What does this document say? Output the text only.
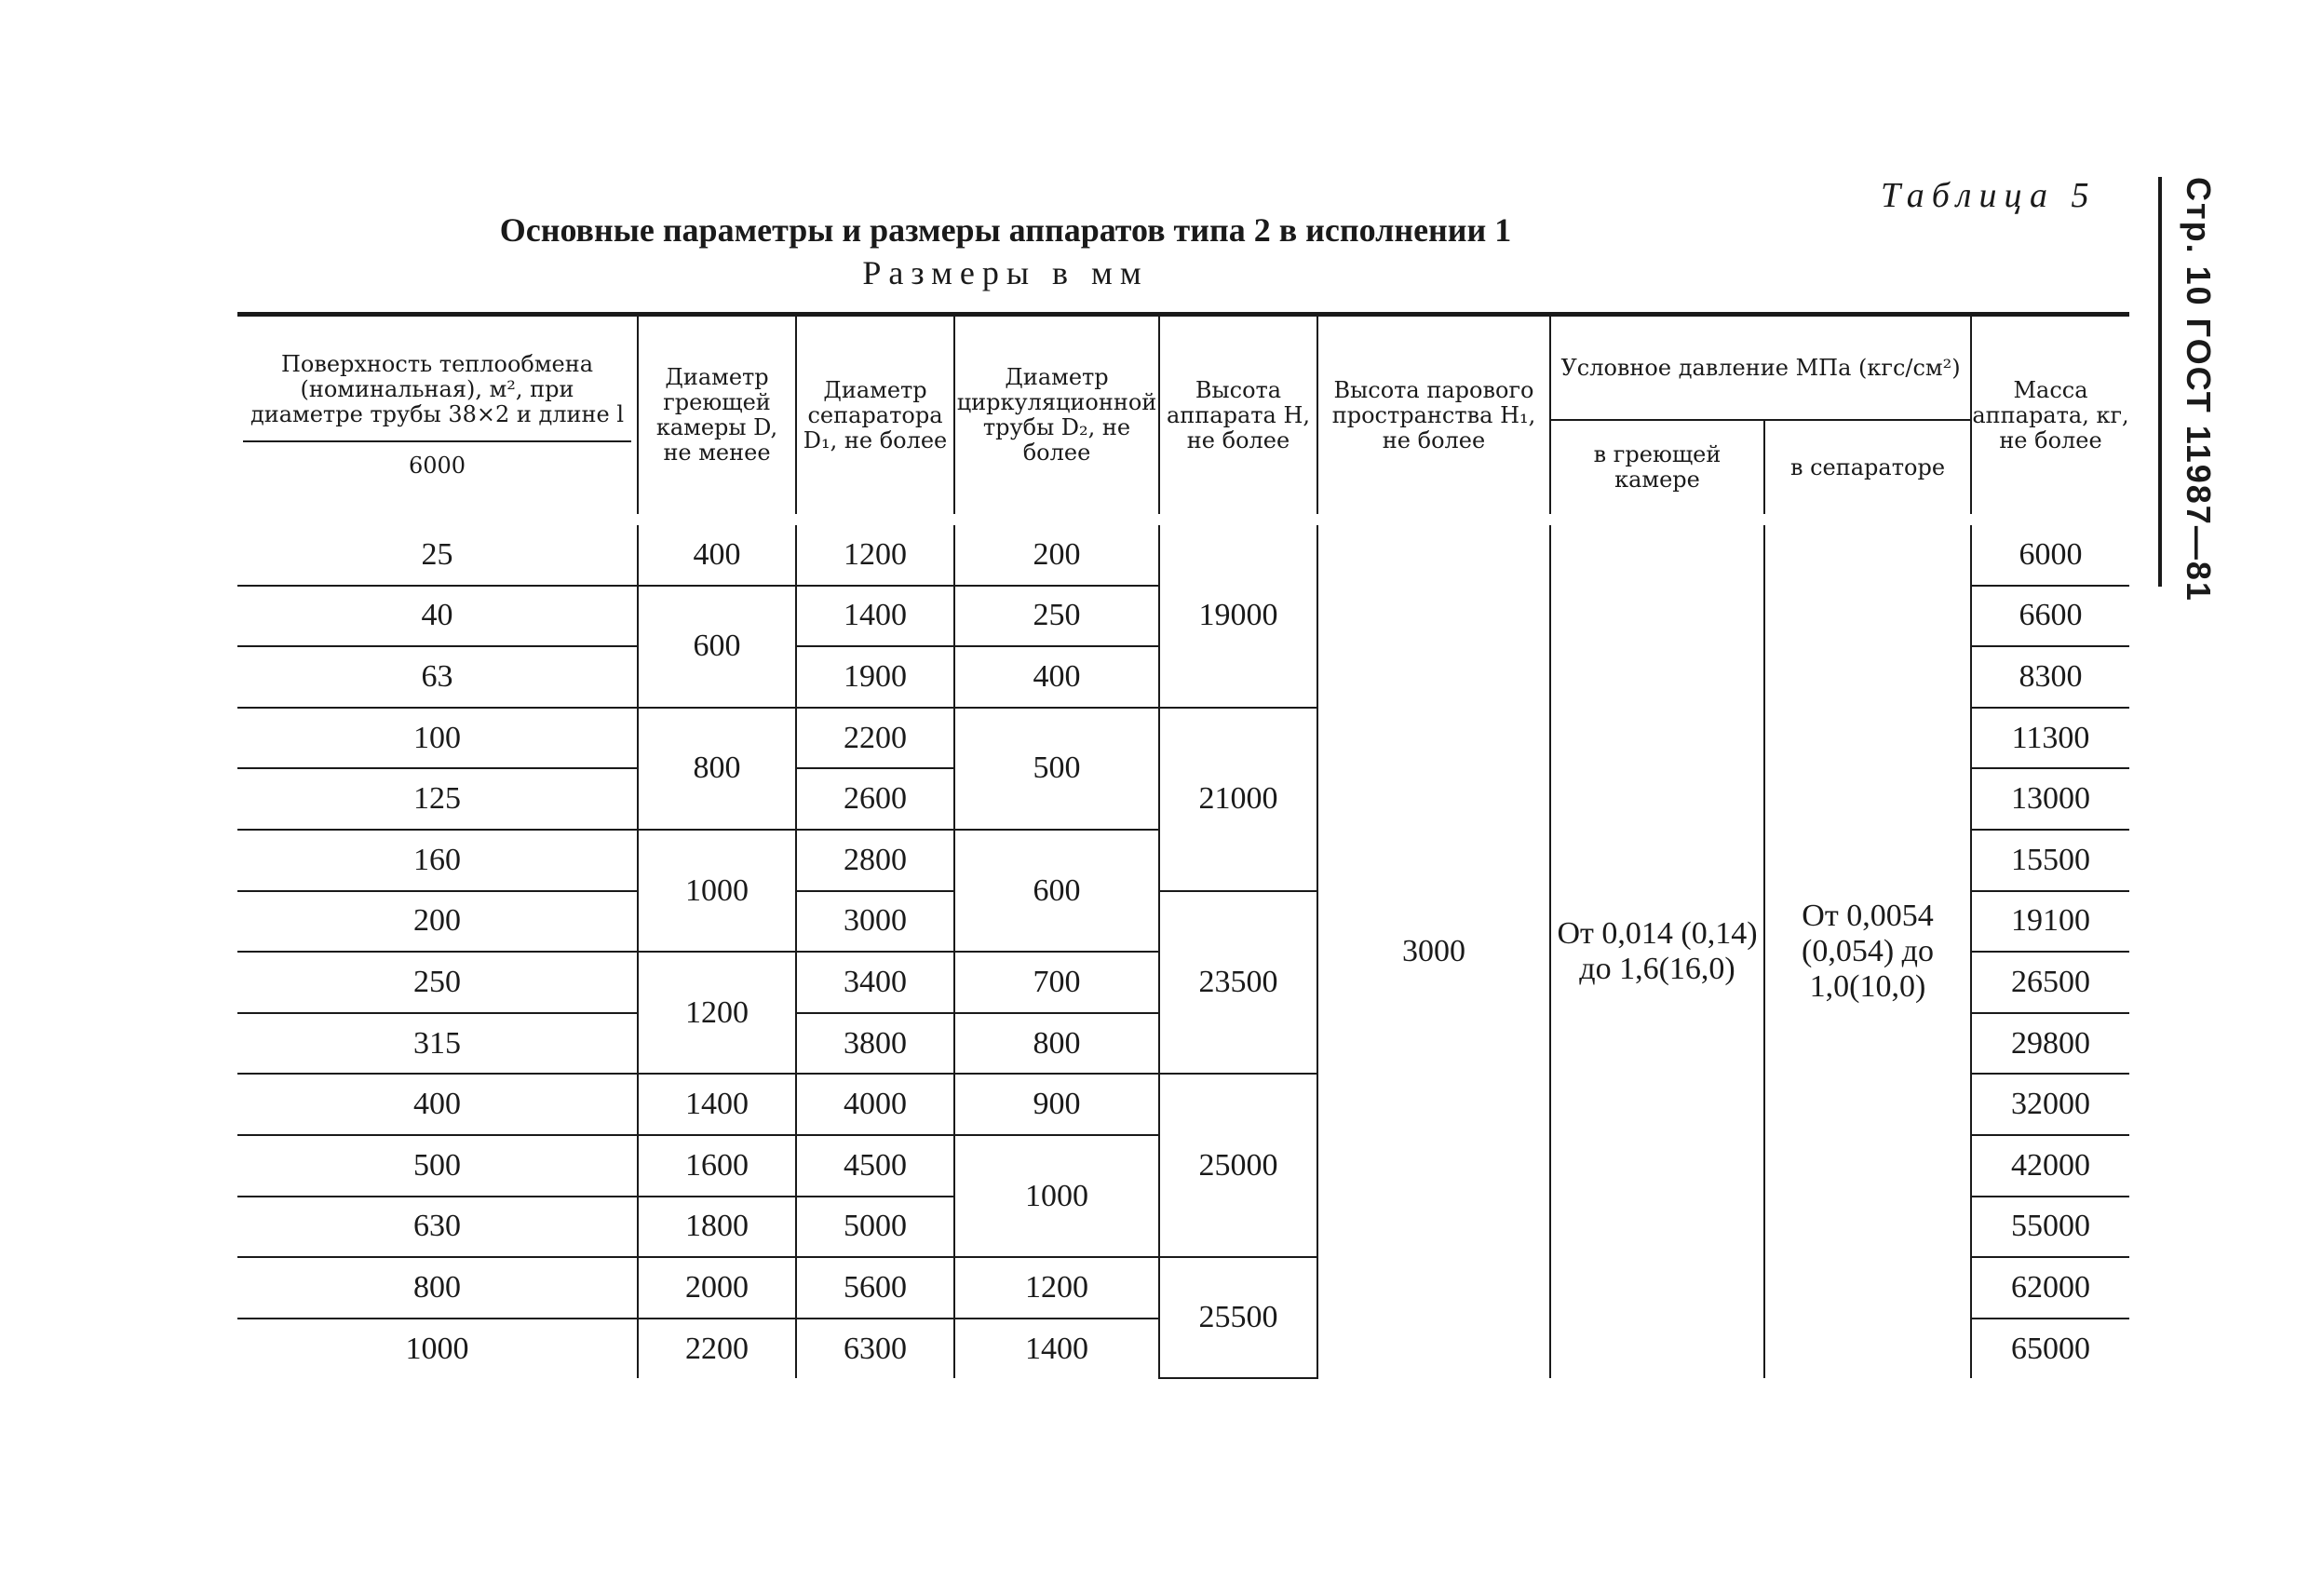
Таблица 5
Основные параметры и размеры аппаратов типа 2 в исполнении 1
Размеры в мм	Стр. 10 ГОСТ 11987—81
Поверхность теплообмена (номинальная), м², при диаметре трубы 38×2 и длине l
6000	Диаметр греющей камеры D, не менее	Диаметр сепаратора D₁, не более	Диаметр циркуляционной трубы D₂, не более	Высота аппарата H, не более	Высота парового пространства H₁, не более	Условное давление МПа (кгс/см²)		Масса аппарата, кг, не более
						в греющей камере	в сепараторе	
25	400	1200	200	19000	3000	От 0,014 (0,14) до 1,6(16,0)	От 0,0054 (0,054) до 1,0(10,0)	6000
40	600	1400	250					6600
63		1900	400					8300
100	800	2200	500	21000				11300
125		2600						13000
160	1000	2800	600					15500
200		3000		23500				19100
250	1200	3400	700					26500
315		3800	800					29800
400	1400	4000	900	25000				32000
500	1600	4500	1000					42000
630	1800	5000						55000
800	2000	5600	1200	25500				62000
1000	2200	6300	1400					65000
